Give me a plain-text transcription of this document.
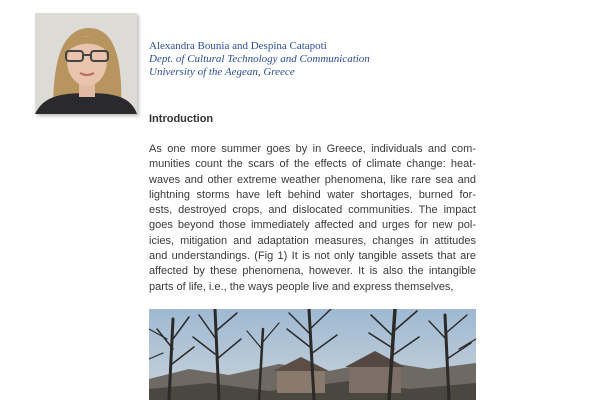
Alexandra Bounia and Despina Catapoti
Dept. of Cultural Technology and Communication
University of the Aegean, Greece
Introduction
As one more summer goes by in Greece, individuals and com-
munities count the scars of the effects of climate change: heat-
waves and other extreme weather phenomena, like rare sea and
lightning storms have left behind water shortages, burned for-
ests, destroyed crops, and dislocated communities. The impact
goes beyond those immediately affected and urges for new pol-
icies, mitigation and adaptation measures, changes in attitudes
and understandings. (Fig 1) It is not only tangible assets that are
affected by these phenomena, however. It is also the intangible
parts of life, i.e., the ways people live and express themselves,
